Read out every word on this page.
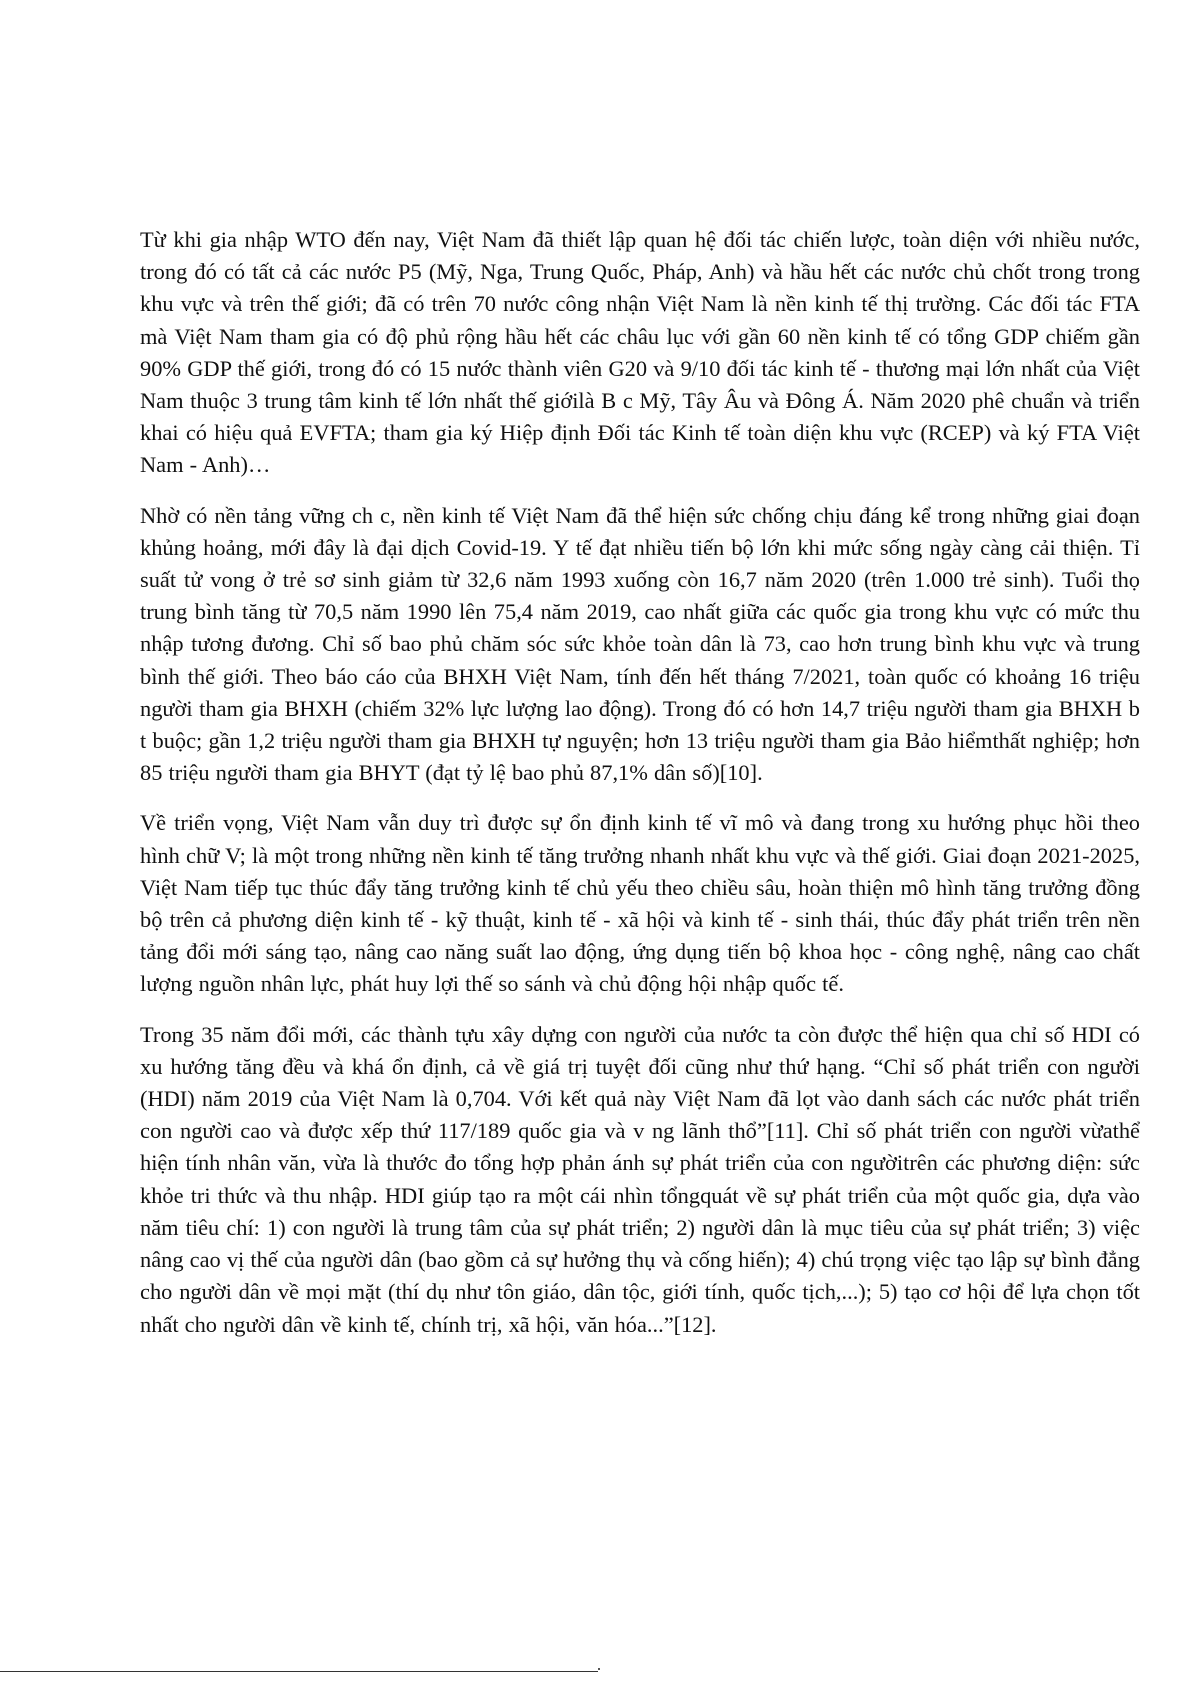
Từ khi gia nhập WTO đến nay, Việt Nam đã thiết lập quan hệ đối tác chiến lược, toàn diện với nhiều nước, trong đó có tất cả các nước P5 (Mỹ, Nga, Trung Quốc, Pháp, Anh) và hầu hết các nước chủ chốt trong trong khu vực và trên thế giới; đã có trên 70 nước công nhận Việt Nam là nền kinh tế thị trường. Các đối tác FTA mà Việt Nam tham gia có độ phủ rộng hầu hết các châu lục với gần 60 nền kinh tế có tổng GDP chiếm gần 90% GDP thế giới, trong đó có 15 nước thành viên G20 và 9/10 đối tác kinh tế - thương mại lớn nhất của Việt Nam thuộc 3 trung tâm kinh tế lớn nhất thế giớilà B c Mỹ, Tây Âu và Đông Á. Năm 2020 phê chuẩn và triển khai có hiệu quả EVFTA; tham gia ký Hiệp định Đối tác Kinh tế toàn diện khu vực (RCEP) và ký FTA Việt Nam - Anh)…

Nhờ có nền tảng vững ch c, nền kinh tế Việt Nam đã thể hiện sức chống chịu đáng kể trong những giai đoạn khủng hoảng, mới đây là đại dịch Covid-19. Y tế đạt nhiều tiến bộ lớn khi mức sống ngày càng cải thiện. Tỉ suất tử vong ở trẻ sơ sinh giảm từ 32,6 năm 1993 xuống còn 16,7 năm 2020 (trên 1.000 trẻ sinh). Tuổi thọ trung bình tăng từ 70,5 năm 1990 lên 75,4 năm 2019, cao nhất giữa các quốc gia trong khu vực có mức thu nhập tương đương. Chỉ số bao phủ chăm sóc sức khỏe toàn dân là 73, cao hơn trung bình khu vực và trung bình thế giới. Theo báo cáo của BHXH Việt Nam, tính đến hết tháng 7/2021, toàn quốc có khoảng 16 triệu người tham gia BHXH (chiếm 32% lực lượng lao động). Trong đó có hơn 14,7 triệu người tham gia BHXH b t buộc; gần 1,2 triệu người tham gia BHXH tự nguyện; hơn 13 triệu người tham gia Bảo hiểmthất nghiệp; hơn 85 triệu người tham gia BHYT (đạt tỷ lệ bao phủ 87,1% dân số)[10].

Về triển vọng, Việt Nam vẫn duy trì được sự ổn định kinh tế vĩ mô và đang trong xu hướng phục hồi theo hình chữ V; là một trong những nền kinh tế tăng trưởng nhanh nhất khu vực và thế giới. Giai đoạn 2021-2025, Việt Nam tiếp tục thúc đẩy tăng trưởng kinh tế chủ yếu theo chiều sâu, hoàn thiện mô hình tăng trưởng đồng bộ trên cả phương diện kinh tế - kỹ thuật, kinh tế - xã hội và kinh tế - sinh thái, thúc đẩy phát triển trên nền tảng đổi mới sáng tạo, nâng cao năng suất lao động, ứng dụng tiến bộ khoa học - công nghệ, nâng cao chất lượng nguồn nhân lực, phát huy lợi thế so sánh và chủ động hội nhập quốc tế.

Trong 35 năm đổi mới, các thành tựu xây dựng con người của nước ta còn được thể hiện qua chỉ số HDI có xu hướng tăng đều và khá ổn định, cả về giá trị tuyệt đối cũng như thứ hạng. “Chỉ số phát triển con người (HDI) năm 2019 của Việt Nam là 0,704. Với kết quả này Việt Nam đã lọt vào danh sách các nước phát triển con người cao và được xếp thứ 117/189 quốc gia và v ng lãnh thổ”[11]. Chỉ số phát triển con người vừathể hiện tính nhân văn, vừa là thước đo tổng hợp phản ánh sự phát triển của con ngườitrên các phương diện: sức khỏe tri thức và thu nhập. HDI giúp tạo ra một cái nhìn tổngquát về sự phát triển của một quốc gia, dựa vào năm tiêu chí: 1) con người là trung tâm của sự phát triển; 2) người dân là mục tiêu của sự phát triển; 3) việc nâng cao vị thế của người dân (bao gồm cả sự hưởng thụ và cống hiến); 4) chú trọng việc tạo lập sự bình đẳng cho người dân về mọi mặt (thí dụ như tôn giáo, dân tộc, giới tính, quốc tịch,...); 5) tạo cơ hội để lựa chọn tốt nhất cho người dân về kinh tế, chính trị, xã hội, văn hóa...”[12].
